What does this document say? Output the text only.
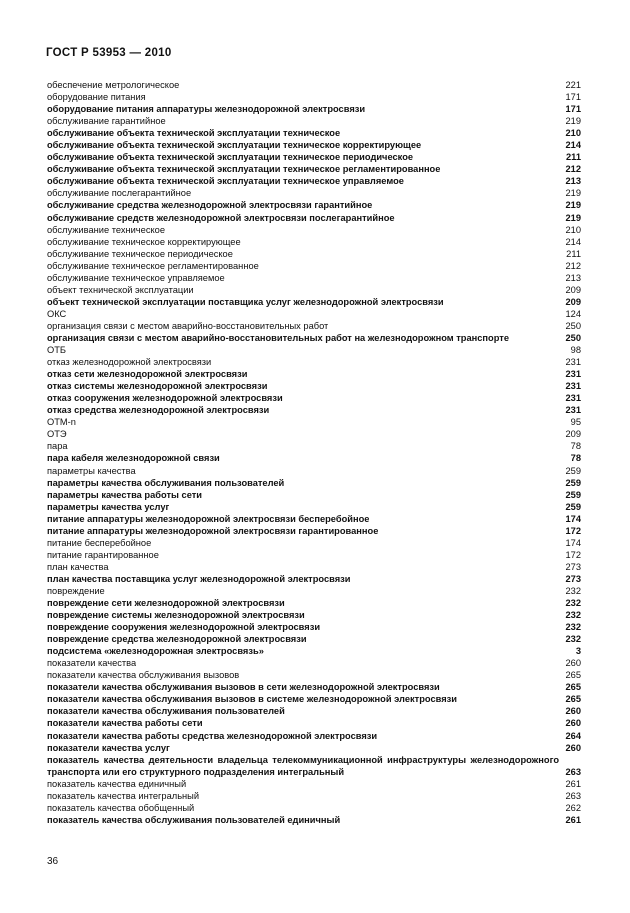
ГОСТ Р 53953 — 2010
обеспечение метрологическое	221
оборудование питания	171
оборудование питания аппаратуры железнодорожной электросвязи	171
обслуживание гарантийное	219
обслуживание объекта технической эксплуатации техническое	210
обслуживание объекта технической эксплуатации техническое корректирующее	214
обслуживание объекта технической эксплуатации техническое периодическое	211
обслуживание объекта технической эксплуатации техническое регламентированное	212
обслуживание объекта технической эксплуатации техническое управляемое	213
обслуживание послегарантийное	219
обслуживание средства железнодорожной электросвязи гарантийное	219
обслуживание средств железнодорожной электросвязи послегарантийное	219
обслуживание техническое	210
обслуживание техническое корректирующее	214
обслуживание техническое периодическое	211
обслуживание техническое регламентированное	212
обслуживание техническое управляемое	213
объект технической эксплуатации	209
объект технической эксплуатации поставщика услуг железнодорожной электросвязи	209
ОКС	124
организация связи с местом аварийно-восстановительных работ	250
организация связи с местом аварийно-восстановительных работ на железнодорожном транспорте	250
ОТБ	98
отказ железнодорожной электросвязи	231
отказ сети железнодорожной электросвязи	231
отказ системы железнодорожной электросвязи	231
отказ сооружения железнодорожной электросвязи	231
отказ средства железнодорожной электросвязи	231
ОТМ-n	95
ОТЭ	209
пара	78
пара кабеля железнодорожной связи	78
параметры качества	259
параметры качества обслуживания пользователей	259
параметры качества работы сети	259
параметры качества услуг	259
питание аппаратуры железнодорожной электросвязи бесперебойное	174
питание аппаратуры железнодорожной электросвязи гарантированное	172
питание бесперебойное	174
питание гарантированное	172
план качества	273
план качества поставщика услуг железнодорожной электросвязи	273
повреждение	232
повреждение сети железнодорожной электросвязи	232
повреждение системы железнодорожной электросвязи	232
повреждение сооружения железнодорожной электросвязи	232
повреждение средства железнодорожной электросвязи	232
подсистема «железнодорожная электросвязь»	3
показатели качества	260
показатели качества обслуживания вызовов	265
показатели качества обслуживания вызовов в сети железнодорожной электросвязи	265
показатели качества обслуживания вызовов в системе железнодорожной электросвязи	265
показатели качества обслуживания пользователей	260
показатели качества работы сети	260
показатели качества работы средства железнодорожной электросвязи	264
показатели качества услуг	260
показатель качества деятельности владельца телекоммуникационной инфраструктуры железнодорожного транспорта или его структурного подразделения интегральный	263
показатель качества единичный	261
показатель качества интегральный	263
показатель качества обобщенный	262
показатель качества обслуживания пользователей единичный	261
36
